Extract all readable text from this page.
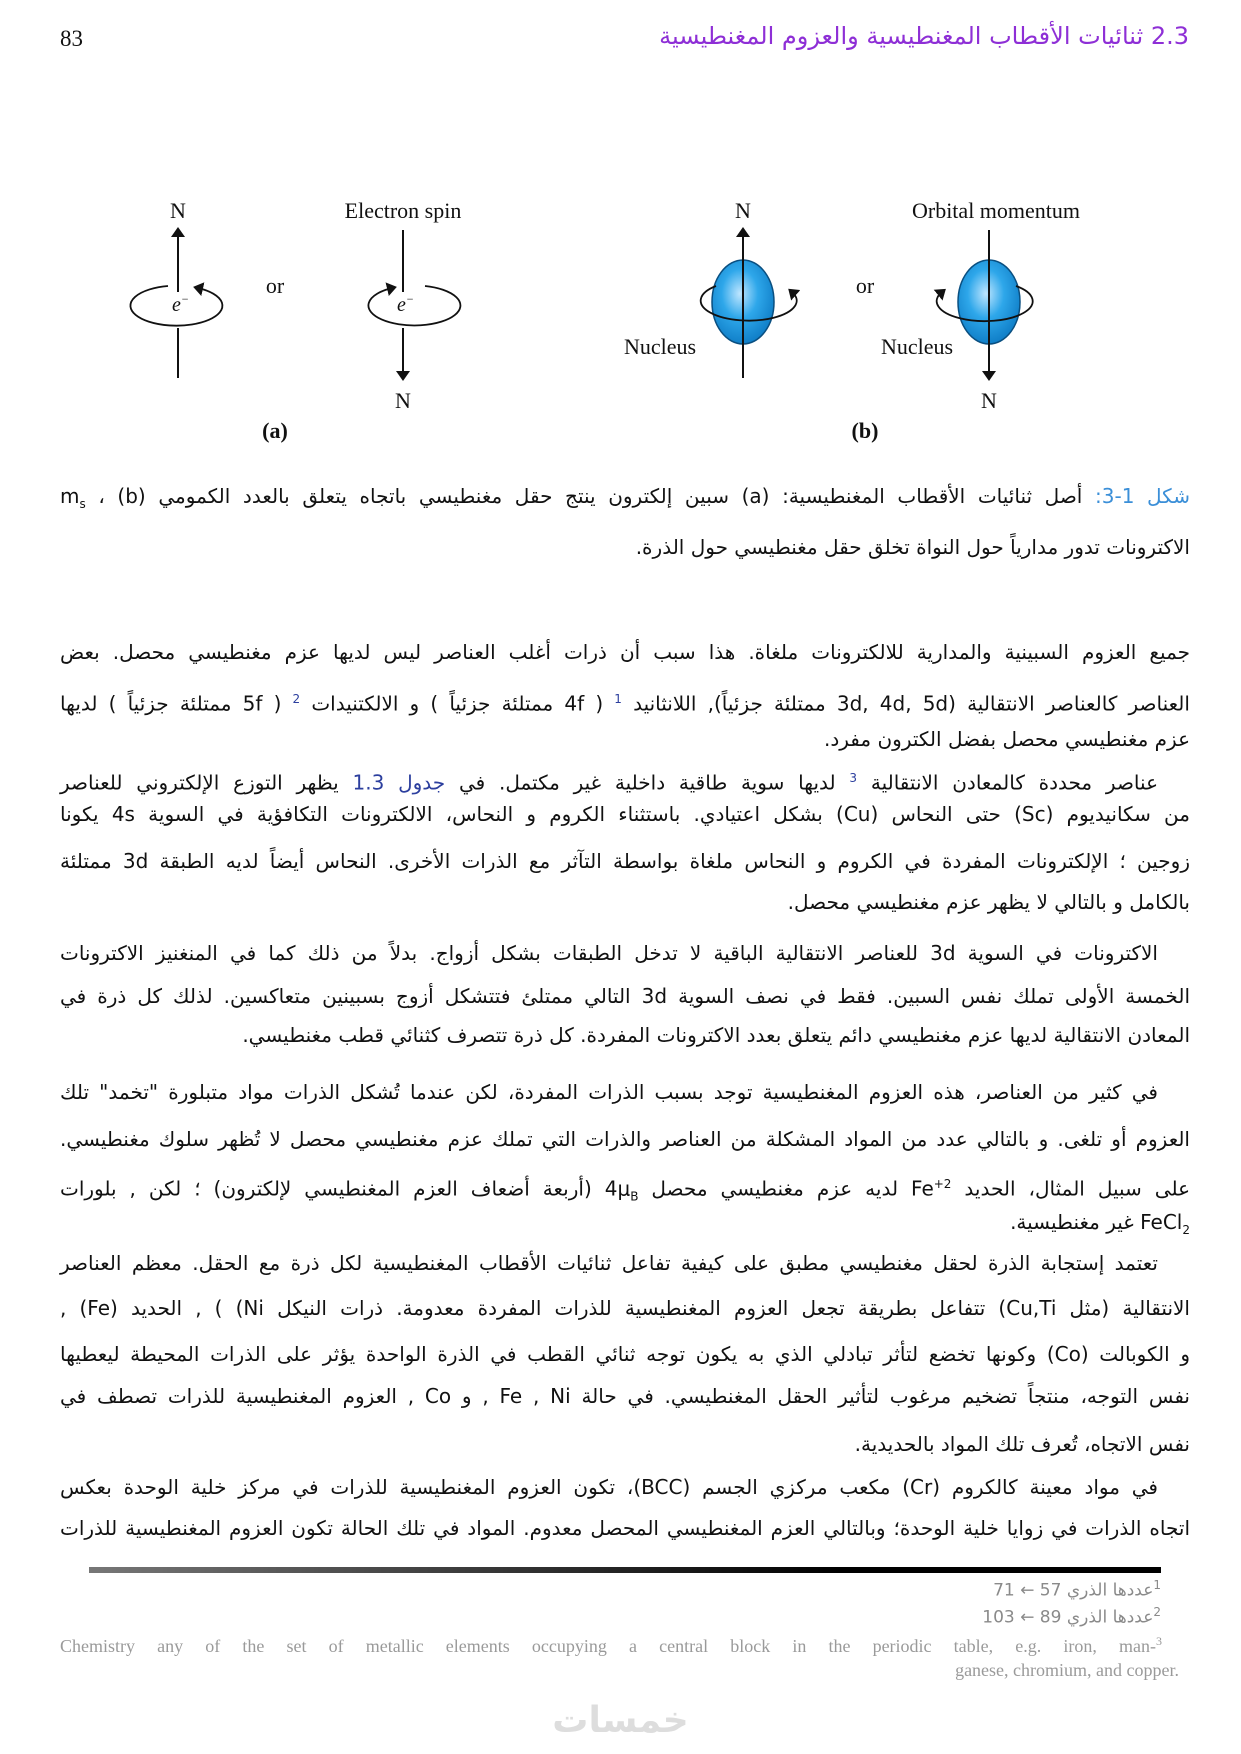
83	2.3 ثنائيات الأقطاب المغنطيسية والعزوم المغنطيسية
N
e−
or
Electron spin
e−
N
(a)
N
Nucleus
or
Orbital momentum
Nucleus
N
(b)
شكل 1-3: أصل ثنائيات الأقطاب المغنطيسية: (a) سبين إلكترون ينتج حقل مغنطيسي باتجاه يتعلق بالعدد الكمومي $m_s$ ، (b)
الاكترونات تدور مدارياً حول النواة تخلق حقل مغنطيسي حول الذرة.
جميع العزوم السبينية والمدارية للالكترونات ملغاة. هذا سبب أن ذرات أغلب العناصر ليس لديها عزم مغنطيسي محصل. بعض
العناصر كالعناصر الانتقالية (3d, 4d, 5d ممتلئة جزئياً), اللانثانيد $^1$ ( 4f ممتلئة جزئياً ) و الالكتنيدات $^2$ ( 5f ممتلئة جزئياً ) لديها
عزم مغنطيسي محصل بفضل الكترون مفرد.
عناصر محددة كالمعادن الانتقالية $^3$ لديها سوية طاقية داخلية غير مكتمل. في جدول 1.3 يظهر التوزع الإلكتروني للعناصر
من سكانيديوم (Sc) حتى النحاس (Cu) بشكل اعتيادي. باستثناء الكروم و النحاس، الالكترونات التكافؤية في السوية 4s يكونا
زوجين ؛ الإلكترونات المفردة في الكروم و النحاس ملغاة بواسطة التآثر مع الذرات الأخرى. النحاس أيضاً لديه الطبقة 3d ممتلئة
بالكامل و بالتالي لا يظهر عزم مغنطيسي محصل.
الاكترونات في السوية 3d للعناصر الانتقالية الباقية لا تدخل الطبقات بشكل أزواج. بدلاً من ذلك كما في المنغنيز الاكترونات
الخمسة الأولى تملك نفس السبين. فقط في نصف السوية 3d التالي ممتلئ فتتشكل أزوج بسبينين متعاكسين. لذلك كل ذرة في
المعادن الانتقالية لديها عزم مغنطيسي دائم يتعلق بعدد الاكترونات المفردة. كل ذرة تتصرف كثنائي قطب مغنطيسي.
في كثير من العناصر، هذه العزوم المغنطيسية توجد بسبب الذرات المفردة، لكن عندما تُشكل الذرات مواد متبلورة "تخمد" تلك
العزوم أو تلغى. و بالتالي عدد من المواد المشكلة من العناصر والذرات التي تملك عزم مغنطيسي محصل لا تُظهر سلوك مغنطيسي.
على سبيل المثال، الحديد $Fe^{+2}$ لديه عزم مغنطيسي محصل $4\mu_B$ (أربعة أضعاف العزم المغنطيسي لإلكترون) ؛ لكن , بلورات
FeCl$_2$ غير مغنطيسية.
تعتمد إستجابة الذرة لحقل مغنطيسي مطبق على كيفية تفاعل ثنائيات الأقطاب المغنطيسية لكل ذرة مع الحقل. معظم العناصر
الانتقالية (مثل Cu,Ti) تتفاعل بطريقة تجعل العزوم المغنطيسية للذرات المفردة معدومة. ذرات النيكل Ni) ) , الحديد (Fe) ,
و الكوبالت (Co) وكونها تخضع لتأثر تبادلي الذي به يكون توجه ثنائي القطب في الذرة الواحدة يؤثر على الذرات المحيطة ليعطيها
نفس التوجه، منتجاً تضخيم مرغوب لتأثير الحقل المغنطيسي. في حالة Fe , Ni , و Co , العزوم المغنطيسية للذرات تصطف في
نفس الاتجاه، تُعرف تلك المواد بالحديدية.
في مواد معينة كالكروم (Cr) مكعب مركزي الجسم (BCC)، تكون العزوم المغنطيسية للذرات في مركز خلية الوحدة بعكس
اتجاه الذرات في زوايا خلية الوحدة؛ وبالتالي العزم المغنطيسي المحصل معدوم. المواد في تلك الحالة تكون العزوم المغنطيسية للذرات
$^1$عددها الذري 57 ← 71
$^2$عددها الذري 89 ← 103
Chemistry any of the set of metallic elements occupying a central block in the periodic table, e.g. iron, man-$^3$
ganese, chromium, and copper.
خمسات
